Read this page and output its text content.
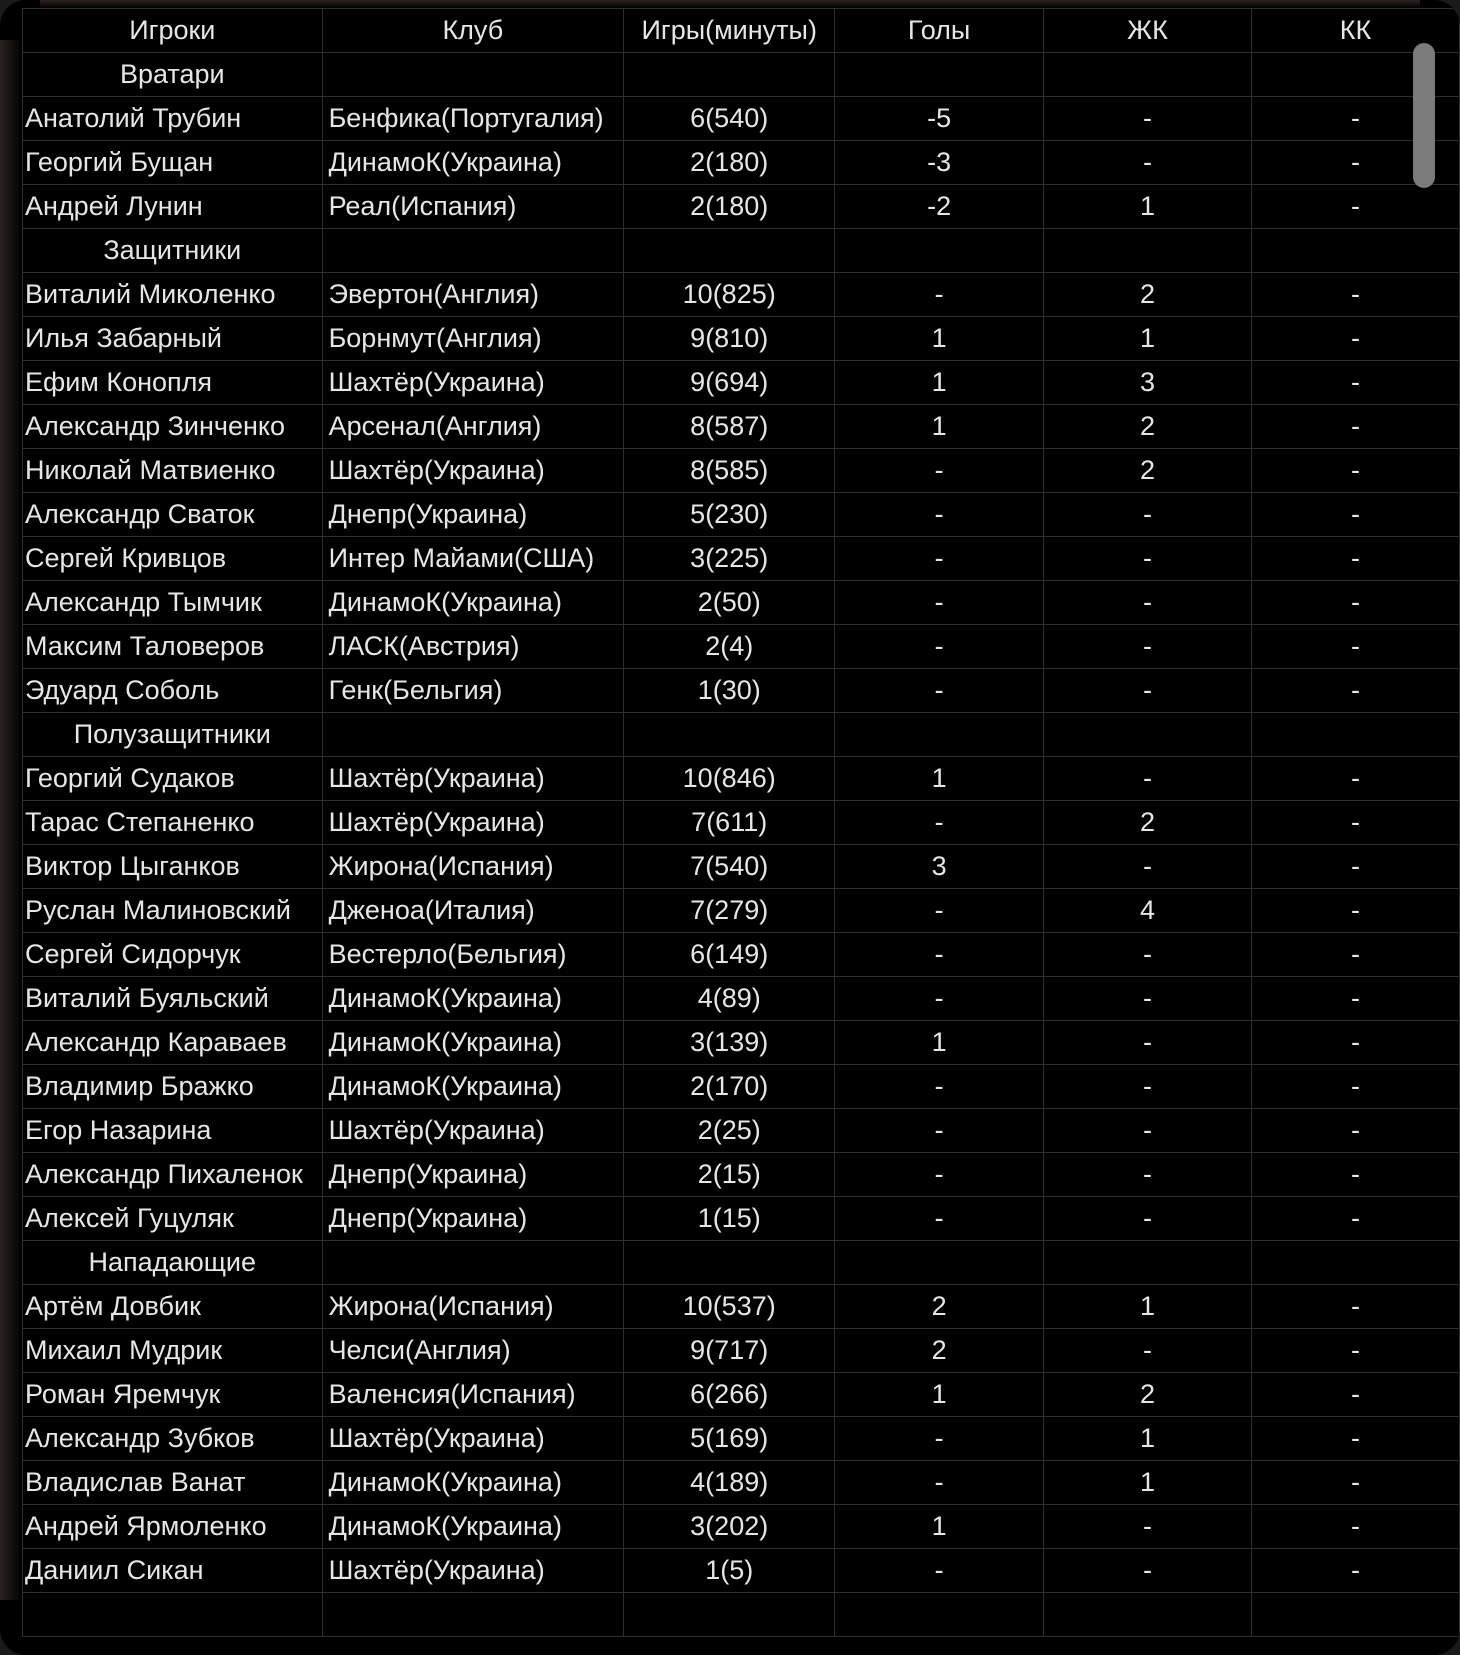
Игроки	Клуб	Игры(минуты)	Голы	ЖК	КК
Вратари					
Анатолий Трубин	Бенфика(Португалия)	6(540)	-5	-	-
Георгий Бущан	ДинамоК(Украина)	2(180)	-3	-	-
Андрей Лунин	Реал(Испания)	2(180)	-2	1	-
Защитники					
Виталий Миколенко	Эвертон(Англия)	10(825)	-	2	-
Илья Забарный	Борнмут(Англия)	9(810)	1	1	-
Ефим Конопля	Шахтёр(Украина)	9(694)	1	3	-
Александр Зинченко	Арсенал(Англия)	8(587)	1	2	-
Николай Матвиенко	Шахтёр(Украина)	8(585)	-	2	-
Александр Сваток	Днепр(Украина)	5(230)	-	-	-
Сергей Кривцов	Интер Майами(США)	3(225)	-	-	-
Александр Тымчик	ДинамоК(Украина)	2(50)	-	-	-
Максим Таловеров	ЛАСК(Австрия)	2(4)	-	-	-
Эдуард Соболь	Генк(Бельгия)	1(30)	-	-	-
Полузащитники					
Георгий Судаков	Шахтёр(Украина)	10(846)	1	-	-
Тарас Степаненко	Шахтёр(Украина)	7(611)	-	2	-
Виктор Цыганков	Жирона(Испания)	7(540)	3	-	-
Руслан Малиновский	Дженоа(Италия)	7(279)	-	4	-
Сергей Сидорчук	Вестерло(Бельгия)	6(149)	-	-	-
Виталий Буяльский	ДинамоК(Украина)	4(89)	-	-	-
Александр Караваев	ДинамоК(Украина)	3(139)	1	-	-
Владимир Бражко	ДинамоК(Украина)	2(170)	-	-	-
Егор Назарина	Шахтёр(Украина)	2(25)	-	-	-
Александр Пихаленок	Днепр(Украина)	2(15)	-	-	-
Алексей Гуцуляк	Днепр(Украина)	1(15)	-	-	-
Нападающие					
Артём Довбик	Жирона(Испания)	10(537)	2	1	-
Михаил Мудрик	Челси(Англия)	9(717)	2	-	-
Роман Яремчук	Валенсия(Испания)	6(266)	1	2	-
Александр Зубков	Шахтёр(Украина)	5(169)	-	1	-
Владислав Ванат	ДинамоК(Украина)	4(189)	-	1	-
Андрей Ярмоленко	ДинамоК(Украина)	3(202)	1	-	-
Даниил Сикан	Шахтёр(Украина)	1(5)	-	-	-
